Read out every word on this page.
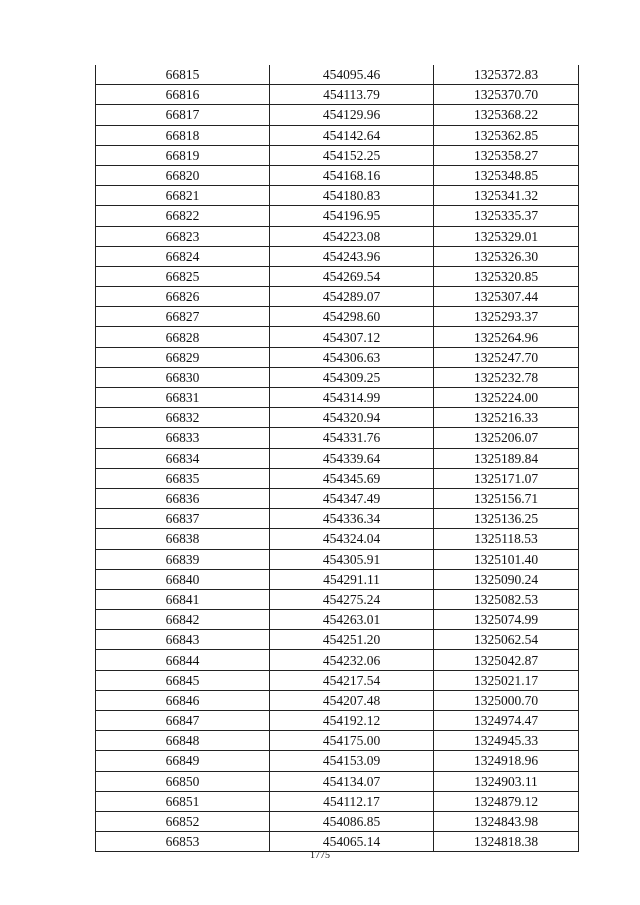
66815	454095.46	1325372.83
66816	454113.79	1325370.70
66817	454129.96	1325368.22
66818	454142.64	1325362.85
66819	454152.25	1325358.27
66820	454168.16	1325348.85
66821	454180.83	1325341.32
66822	454196.95	1325335.37
66823	454223.08	1325329.01
66824	454243.96	1325326.30
66825	454269.54	1325320.85
66826	454289.07	1325307.44
66827	454298.60	1325293.37
66828	454307.12	1325264.96
66829	454306.63	1325247.70
66830	454309.25	1325232.78
66831	454314.99	1325224.00
66832	454320.94	1325216.33
66833	454331.76	1325206.07
66834	454339.64	1325189.84
66835	454345.69	1325171.07
66836	454347.49	1325156.71
66837	454336.34	1325136.25
66838	454324.04	1325118.53
66839	454305.91	1325101.40
66840	454291.11	1325090.24
66841	454275.24	1325082.53
66842	454263.01	1325074.99
66843	454251.20	1325062.54
66844	454232.06	1325042.87
66845	454217.54	1325021.17
66846	454207.48	1325000.70
66847	454192.12	1324974.47
66848	454175.00	1324945.33
66849	454153.09	1324918.96
66850	454134.07	1324903.11
66851	454112.17	1324879.12
66852	454086.85	1324843.98
66853	454065.14	1324818.38
1775
